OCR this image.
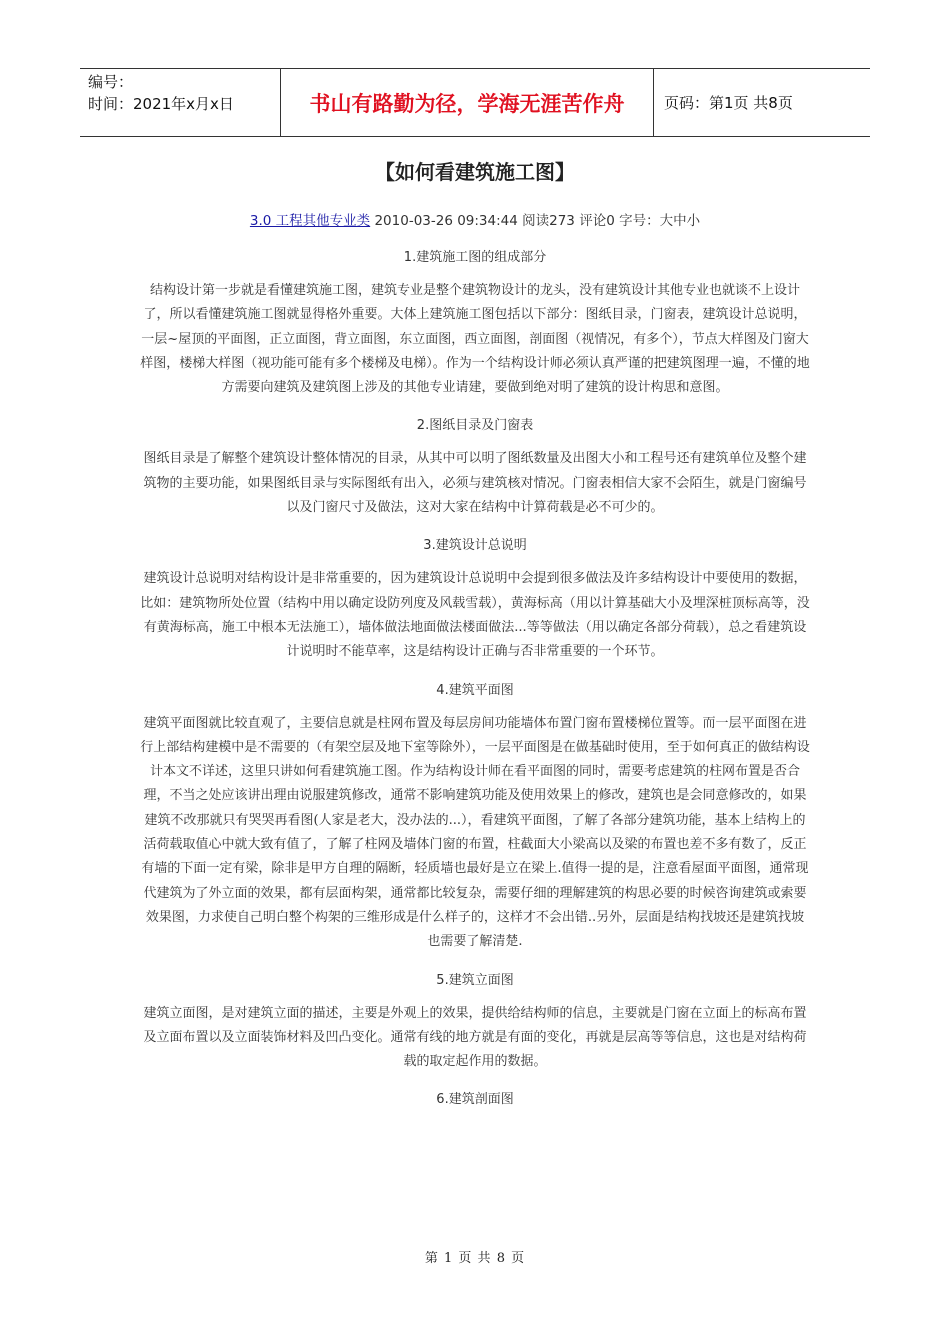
编号：
时间：2021年x月x日	书山有路勤为径，学海无涯苦作舟	页码：第1页 共8页
【如何看建筑施工图】
3.0 工程其他专业类 2010-03-26 09:34:44 阅读273 评论0 字号：大中小
1.建筑施工图的组成部分

结构设计第一步就是看懂建筑施工图，建筑专业是整个建筑物设计的龙头，没有建筑设计其他专业也就谈不上设计了，所以看懂建筑施工图就显得格外重要。大体上建筑施工图包括以下部分：图纸目录，门窗表，建筑设计总说明，一层~屋顶的平面图，正立面图，背立面图，东立面图，西立面图，剖面图（视情况，有多个），节点大样图及门窗大样图，楼梯大样图（视功能可能有多个楼梯及电梯）。作为一个结构设计师必须认真严谨的把建筑图理一遍，不懂的地方需要向建筑及建筑图上涉及的其他专业请建，要做到绝对明了建筑的设计构思和意图。

2.图纸目录及门窗表

图纸目录是了解整个建筑设计整体情况的目录，从其中可以明了图纸数量及出图大小和工程号还有建筑单位及整个建筑物的主要功能，如果图纸目录与实际图纸有出入，必须与建筑核对情况。门窗表相信大家不会陌生，就是门窗编号以及门窗尺寸及做法，这对大家在结构中计算荷载是必不可少的。

3.建筑设计总说明

建筑设计总说明对结构设计是非常重要的，因为建筑设计总说明中会提到很多做法及许多结构设计中要使用的数据，比如：建筑物所处位置（结构中用以确定设防列度及风载雪载），黄海标高（用以计算基础大小及埋深桩顶标高等，没有黄海标高，施工中根本无法施工），墙体做法地面做法楼面做法...等等做法（用以确定各部分荷载），总之看建筑设计说明时不能草率，这是结构设计正确与否非常重要的一个环节。

4.建筑平面图

建筑平面图就比较直观了，主要信息就是柱网布置及每层房间功能墙体布置门窗布置楼梯位置等。而一层平面图在进行上部结构建模中是不需要的（有架空层及地下室等除外），一层平面图是在做基础时使用，至于如何真正的做结构设计本文不详述，这里只讲如何看建筑施工图。作为结构设计师在看平面图的同时，需要考虑建筑的柱网布置是否合理，不当之处应该讲出理由说服建筑修改，通常不影响建筑功能及使用效果上的修改，建筑也是会同意修改的，如果建筑不改那就只有哭哭再看图(人家是老大，没办法的...），看建筑平面图，了解了各部分建筑功能，基本上结构上的活荷载取值心中就大致有值了，了解了柱网及墙体门窗的布置，柱截面大小梁高以及梁的布置也差不多有数了，反正有墙的下面一定有梁，除非是甲方自理的隔断，轻质墙也最好是立在梁上.值得一提的是，注意看屋面平面图，通常现代建筑为了外立面的效果，都有层面构架，通常都比较复杂，需要仔细的理解建筑的构思必要的时候咨询建筑或索要效果图，力求使自己明白整个构架的三维形成是什么样子的，这样才不会出错..另外，层面是结构找坡还是建筑找坡也需要了解清楚.

5.建筑立面图

建筑立面图，是对建筑立面的描述，主要是外观上的效果，提供给结构师的信息，主要就是门窗在立面上的标高布置及立面布置以及立面装饰材料及凹凸变化。通常有线的地方就是有面的变化，再就是层高等等信息，这也是对结构荷载的取定起作用的数据。

6.建筑剖面图
第 1 页 共 8 页
